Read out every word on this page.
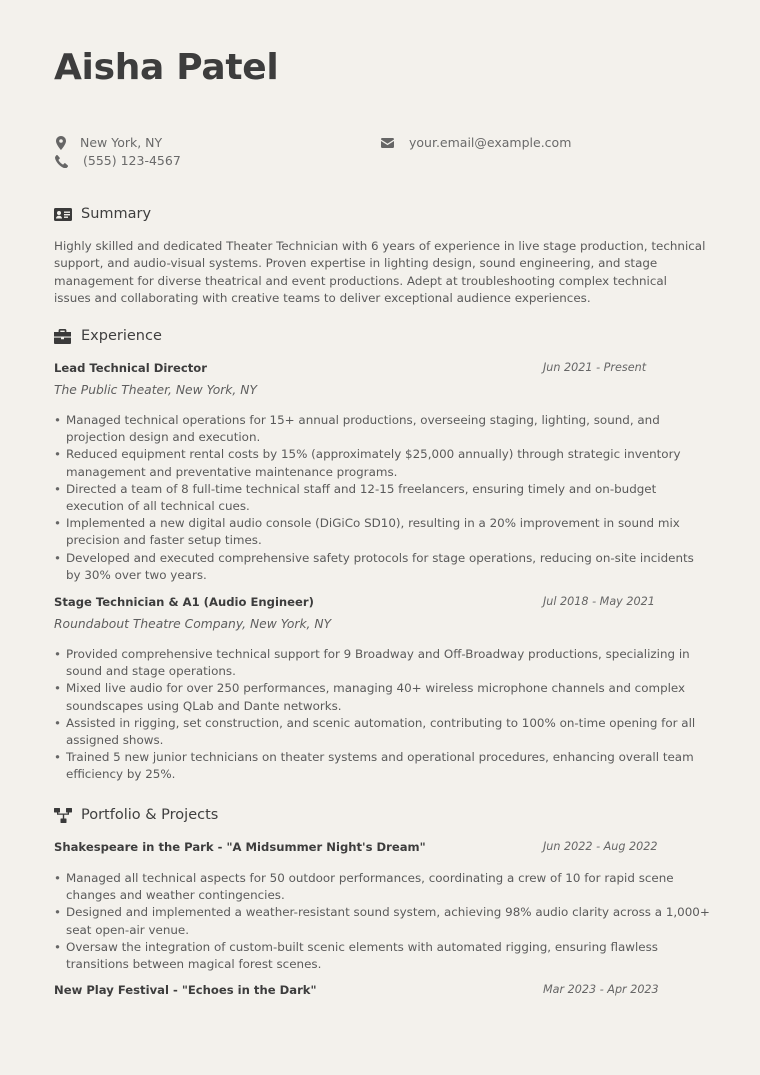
Aisha Patel
New York, NY
(555) 123-4567
your.email@example.com
Summary
Highly skilled and dedicated Theater Technician with 6 years of experience in live stage production, technical support, and audio-visual systems. Proven expertise in lighting design, sound engineering, and stage management for diverse theatrical and event productions. Adept at troubleshooting complex technical issues and collaborating with creative teams to deliver exceptional audience experiences.
Experience
Lead Technical Director	Jun 2021 - Present
The Public Theater, New York, NY
• Managed technical operations for 15+ annual productions, overseeing staging, lighting, sound, and projection design and execution.
• Reduced equipment rental costs by 15% (approximately $25,000 annually) through strategic inventory management and preventative maintenance programs.
• Directed a team of 8 full-time technical staff and 12-15 freelancers, ensuring timely and on-budget execution of all technical cues.
• Implemented a new digital audio console (DiGiCo SD10), resulting in a 20% improvement in sound mix precision and faster setup times.
• Developed and executed comprehensive safety protocols for stage operations, reducing on-site incidents by 30% over two years.
Stage Technician & A1 (Audio Engineer)	Jul 2018 - May 2021
Roundabout Theatre Company, New York, NY
• Provided comprehensive technical support for 9 Broadway and Off-Broadway productions, specializing in sound and stage operations.
• Mixed live audio for over 250 performances, managing 40+ wireless microphone channels and complex soundscapes using QLab and Dante networks.
• Assisted in rigging, set construction, and scenic automation, contributing to 100% on-time opening for all assigned shows.
• Trained 5 new junior technicians on theater systems and operational procedures, enhancing overall team efficiency by 25%.
Portfolio & Projects
Shakespeare in the Park - "A Midsummer Night's Dream"	Jun 2022 - Aug 2022
• Managed all technical aspects for 50 outdoor performances, coordinating a crew of 10 for rapid scene changes and weather contingencies.
• Designed and implemented a weather-resistant sound system, achieving 98% audio clarity across a 1,000+ seat open-air venue.
• Oversaw the integration of custom-built scenic elements with automated rigging, ensuring flawless transitions between magical forest scenes.
New Play Festival - "Echoes in the Dark"	Mar 2023 - Apr 2023
